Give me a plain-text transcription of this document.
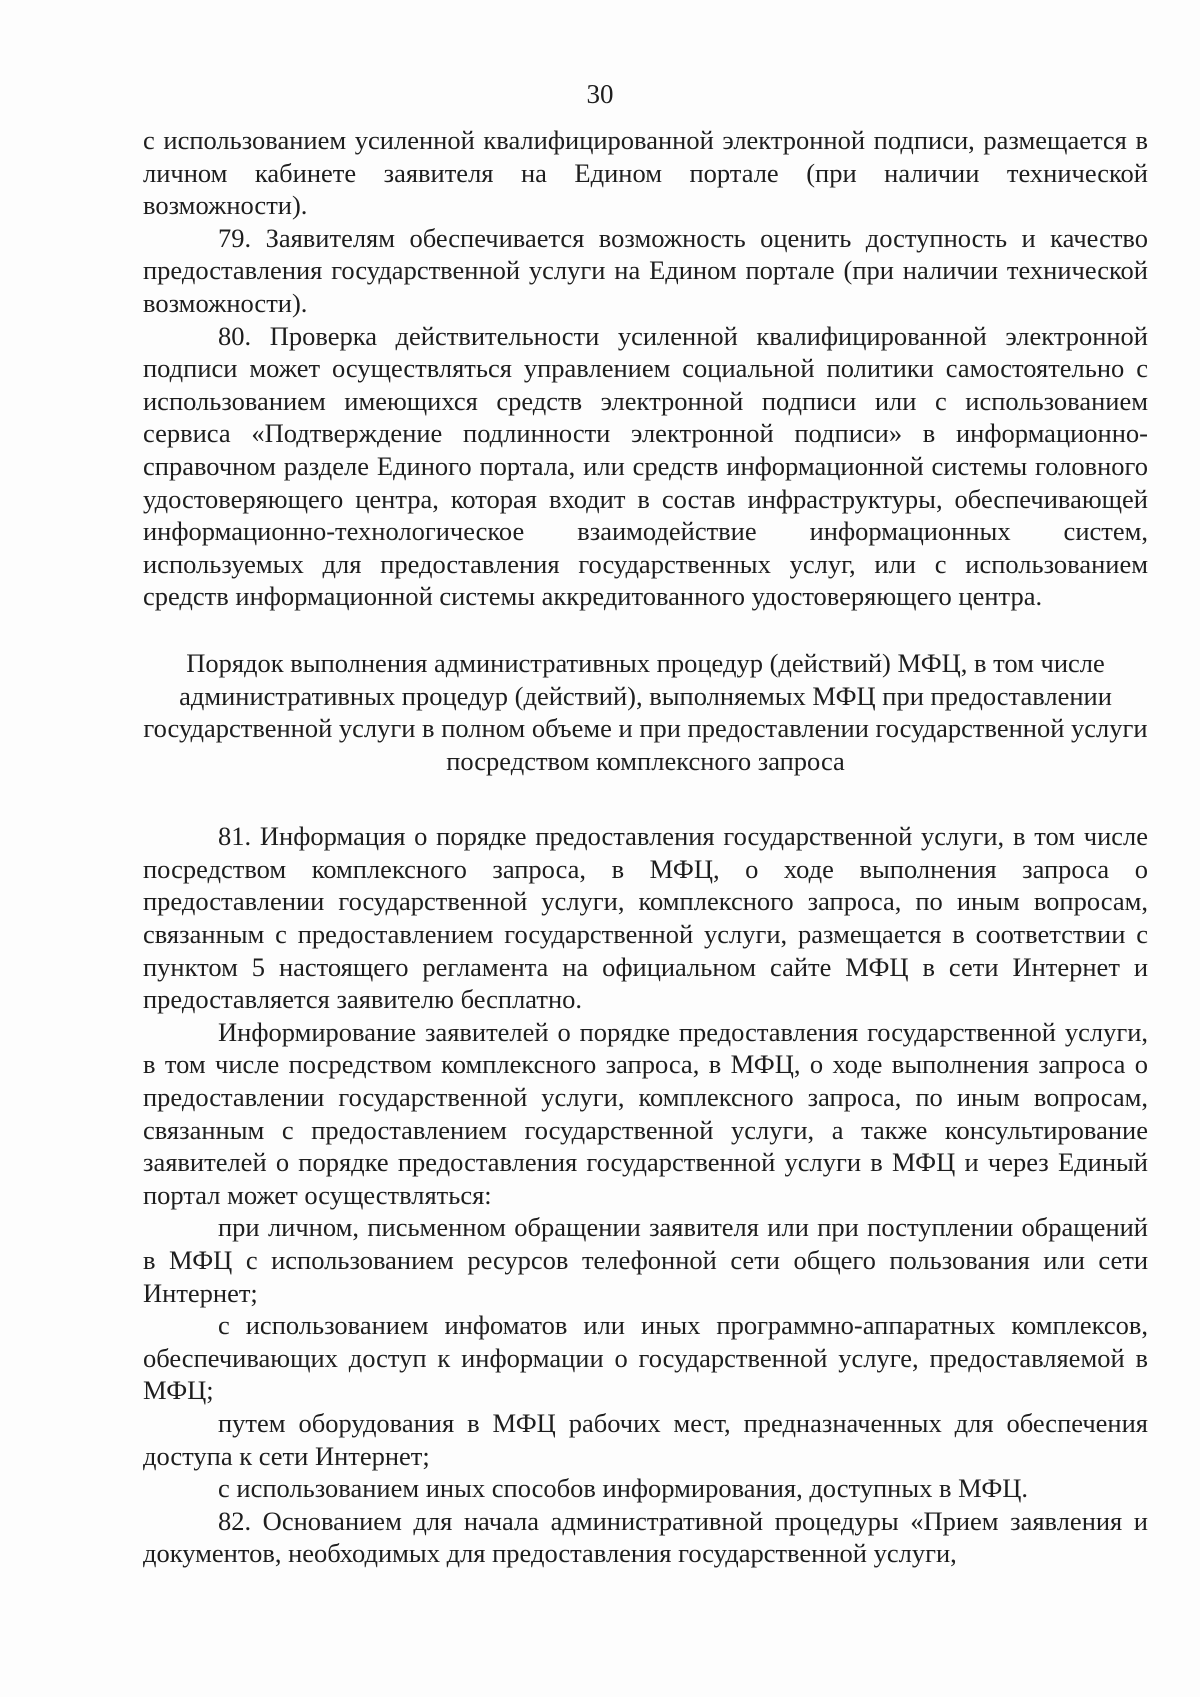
30

с использованием усиленной квалифицированной электронной подписи, размещается в личном кабинете заявителя на Едином портале (при наличии технической возможности).

79. Заявителям обеспечивается возможность оценить доступность и качество предоставления государственной услуги на Едином портале (при наличии технической возможности).

80. Проверка действительности усиленной квалифицированной электронной подписи может осуществляться управлением социальной политики самостоятельно с использованием имеющихся средств электронной подписи или с использованием сервиса «Подтверждение подлинности электронной подписи» в информационно-справочном разделе Единого портала, или средств информационной системы головного удостоверяющего центра, которая входит в состав инфраструктуры, обеспечивающей информационно-технологическое взаимодействие информационных систем, используемых для предоставления государственных услуг, или с использованием средств информационной системы аккредитованного удостоверяющего центра.

Порядок выполнения административных процедур (действий) МФЦ, в том числе административных процедур (действий), выполняемых МФЦ при предоставлении государственной услуги в полном объеме и при предоставлении государственной услуги посредством комплексного запроса

81. Информация о порядке предоставления государственной услуги, в том числе посредством комплексного запроса, в МФЦ, о ходе выполнения запроса о предоставлении государственной услуги, комплексного запроса, по иным вопросам, связанным с предоставлением государственной услуги, размещается в соответствии с пунктом 5 настоящего регламента на официальном сайте МФЦ в сети Интернет и предоставляется заявителю бесплатно.

Информирование заявителей о порядке предоставления государственной услуги, в том числе посредством комплексного запроса, в МФЦ, о ходе выполнения запроса о предоставлении государственной услуги, комплексного запроса, по иным вопросам, связанным с предоставлением государственной услуги, а также консультирование заявителей о порядке предоставления государственной услуги в МФЦ и через Единый портал может осуществляться:

при личном, письменном обращении заявителя или при поступлении обращений в МФЦ с использованием ресурсов телефонной сети общего пользования или сети Интернет;

с использованием инфоматов или иных программно-аппаратных комплексов, обеспечивающих доступ к информации о государственной услуге, предоставляемой в МФЦ;

путем оборудования в МФЦ рабочих мест, предназначенных для обеспечения доступа к сети Интернет;

с использованием иных способов информирования, доступных в МФЦ.

82. Основанием для начала административной процедуры «Прием заявления и документов, необходимых для предоставления государственной услуги,
